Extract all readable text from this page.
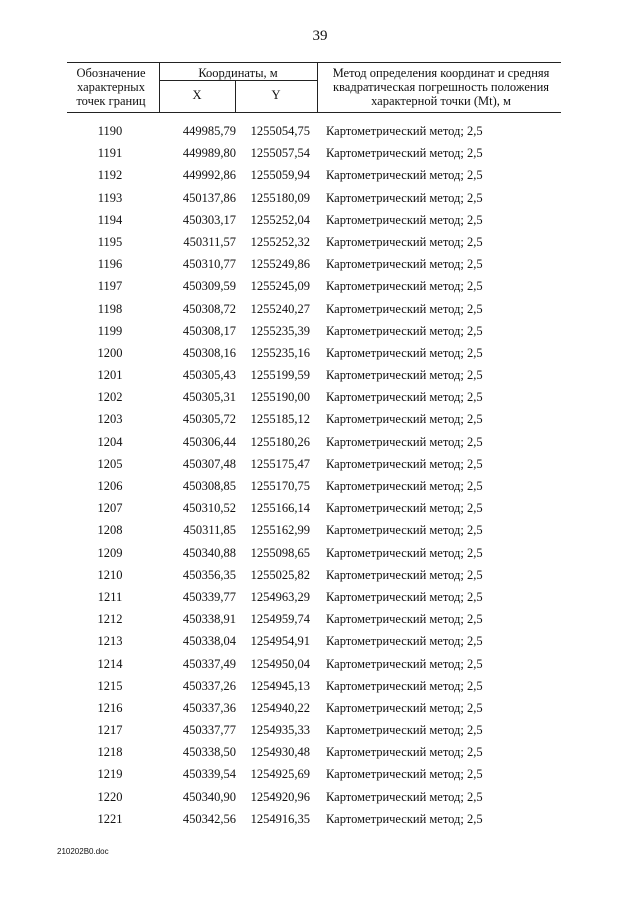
39
Обозначение характерных точек границ
Координаты, м
X	Y
Метод определения координат и средняя квадратическая погрешность положения характерной точки (Mt), м
1190	449985,79	1255054,75 Картометрический метод; 2,5
1191	449989,80	1255057,54 Картометрический метод; 2,5
1192	449992,86	1255059,94 Картометрический метод; 2,5
1193	450137,86	1255180,09 Картометрический метод; 2,5
1194	450303,17	1255252,04 Картометрический метод; 2,5
1195	450311,57	1255252,32 Картометрический метод; 2,5
1196	450310,77	1255249,86 Картометрический метод; 2,5
1197	450309,59	1255245,09 Картометрический метод; 2,5
1198	450308,72	1255240,27 Картометрический метод; 2,5
1199	450308,17	1255235,39 Картометрический метод; 2,5
1200	450308,16	1255235,16 Картометрический метод; 2,5
1201	450305,43	1255199,59 Картометрический метод; 2,5
1202	450305,31	1255190,00 Картометрический метод; 2,5
1203	450305,72	1255185,12 Картометрический метод; 2,5
1204	450306,44	1255180,26 Картометрический метод; 2,5
1205	450307,48	1255175,47 Картометрический метод; 2,5
1206	450308,85	1255170,75 Картометрический метод; 2,5
1207	450310,52	1255166,14 Картометрический метод; 2,5
1208	450311,85	1255162,99 Картометрический метод; 2,5
1209	450340,88	1255098,65 Картометрический метод; 2,5
1210	450356,35	1255025,82 Картометрический метод; 2,5
1211	450339,77	1254963,29 Картометрический метод; 2,5
1212	450338,91	1254959,74 Картометрический метод; 2,5
1213	450338,04	1254954,91 Картометрический метод; 2,5
1214	450337,49	1254950,04 Картометрический метод; 2,5
1215	450337,26	1254945,13 Картометрический метод; 2,5
1216	450337,36	1254940,22 Картометрический метод; 2,5
1217	450337,77	1254935,33 Картометрический метод; 2,5
1218	450338,50	1254930,48 Картометрический метод; 2,5
1219	450339,54	1254925,69 Картометрический метод; 2,5
1220	450340,90	1254920,96 Картометрический метод; 2,5
1221	450342,56	1254916,35 Картометрический метод; 2,5
210202B0.doc
